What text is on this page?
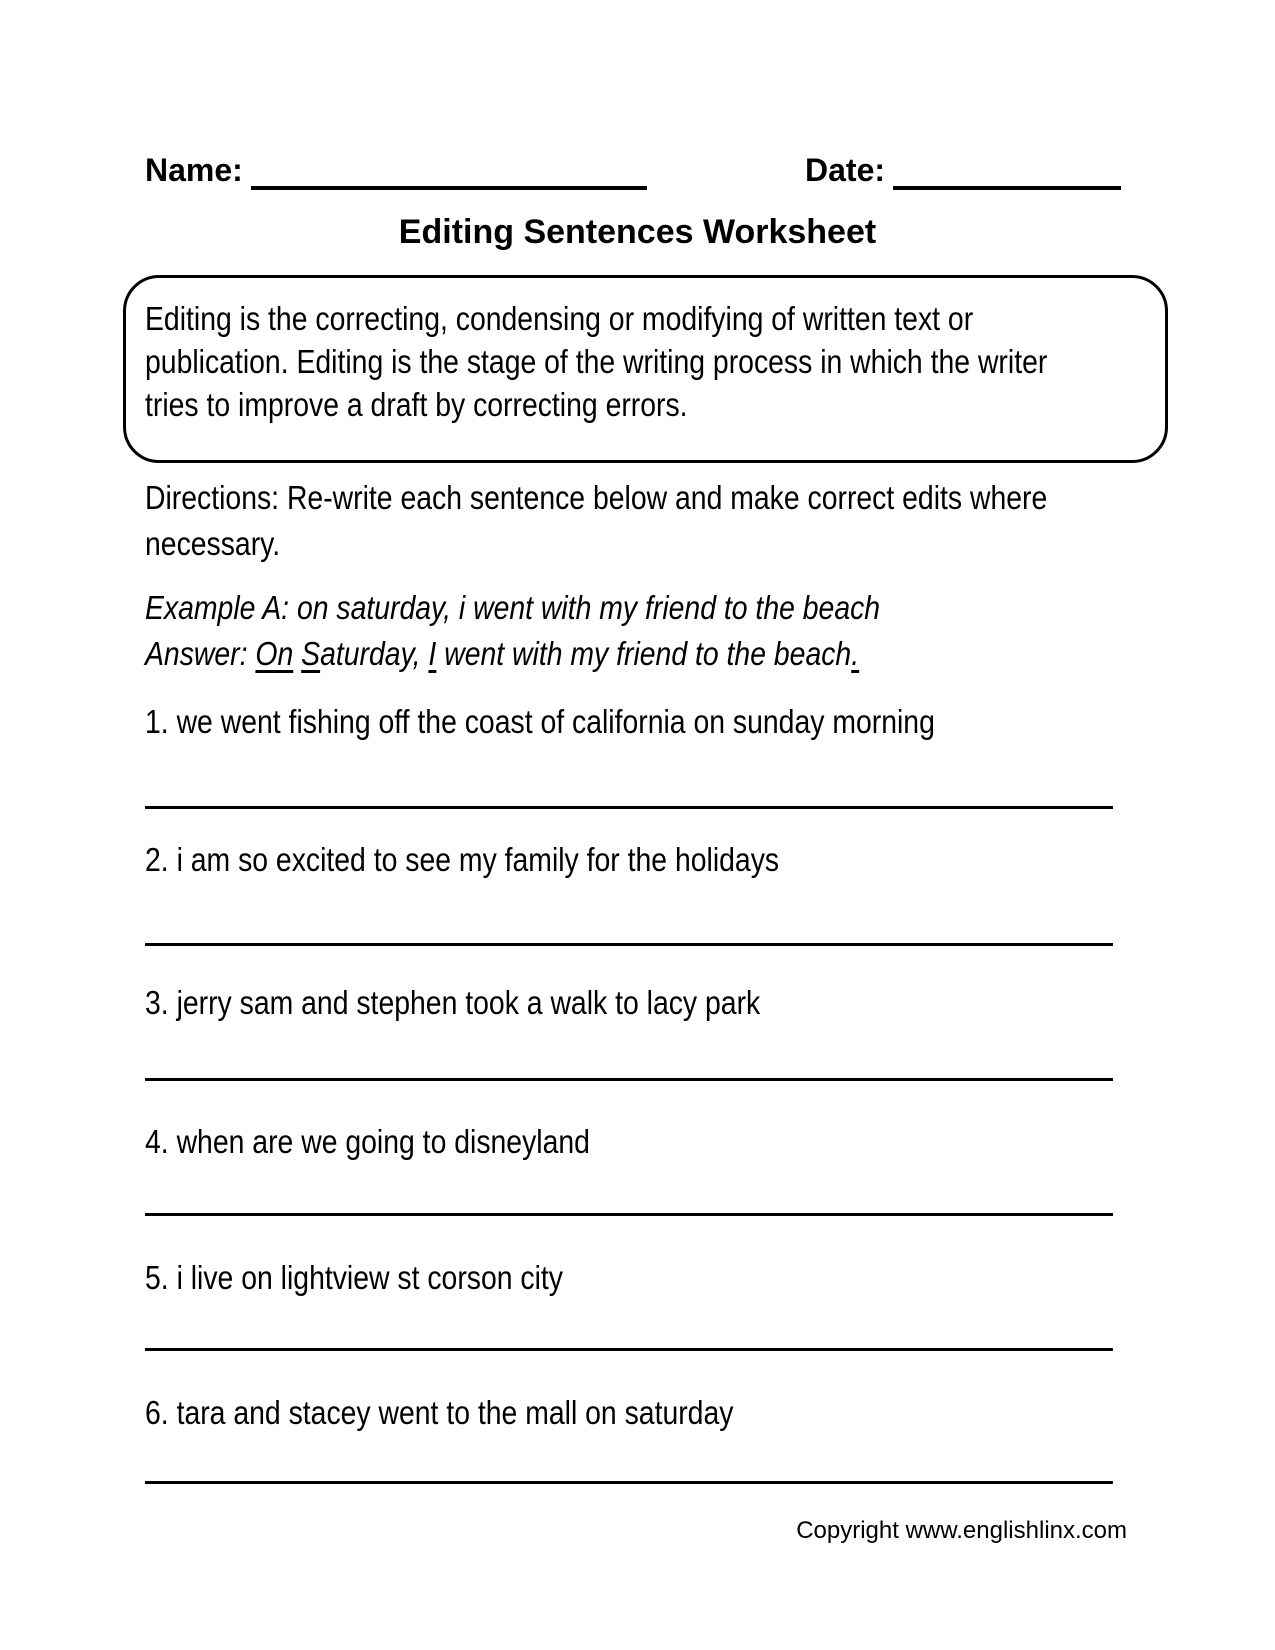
Name:	Date:
Editing Sentences Worksheet
Editing is the correcting, condensing or modifying of written text or
publication. Editing is the stage of the writing process in which the writer
tries to improve a draft by correcting errors.
Directions: Re-write each sentence below and make correct edits where
necessary.
Example A: on saturday, i went with my friend to the beach
Answer: On Saturday, I went with my friend to the beach.
1. we went fishing off the coast of california on sunday morning
2. i am so excited to see my family for the holidays
3. jerry sam and stephen took a walk to lacy park
4. when are we going to disneyland
5. i live on lightview st corson city
6. tara and stacey went to the mall on saturday
Copyright www.englishlinx.com
